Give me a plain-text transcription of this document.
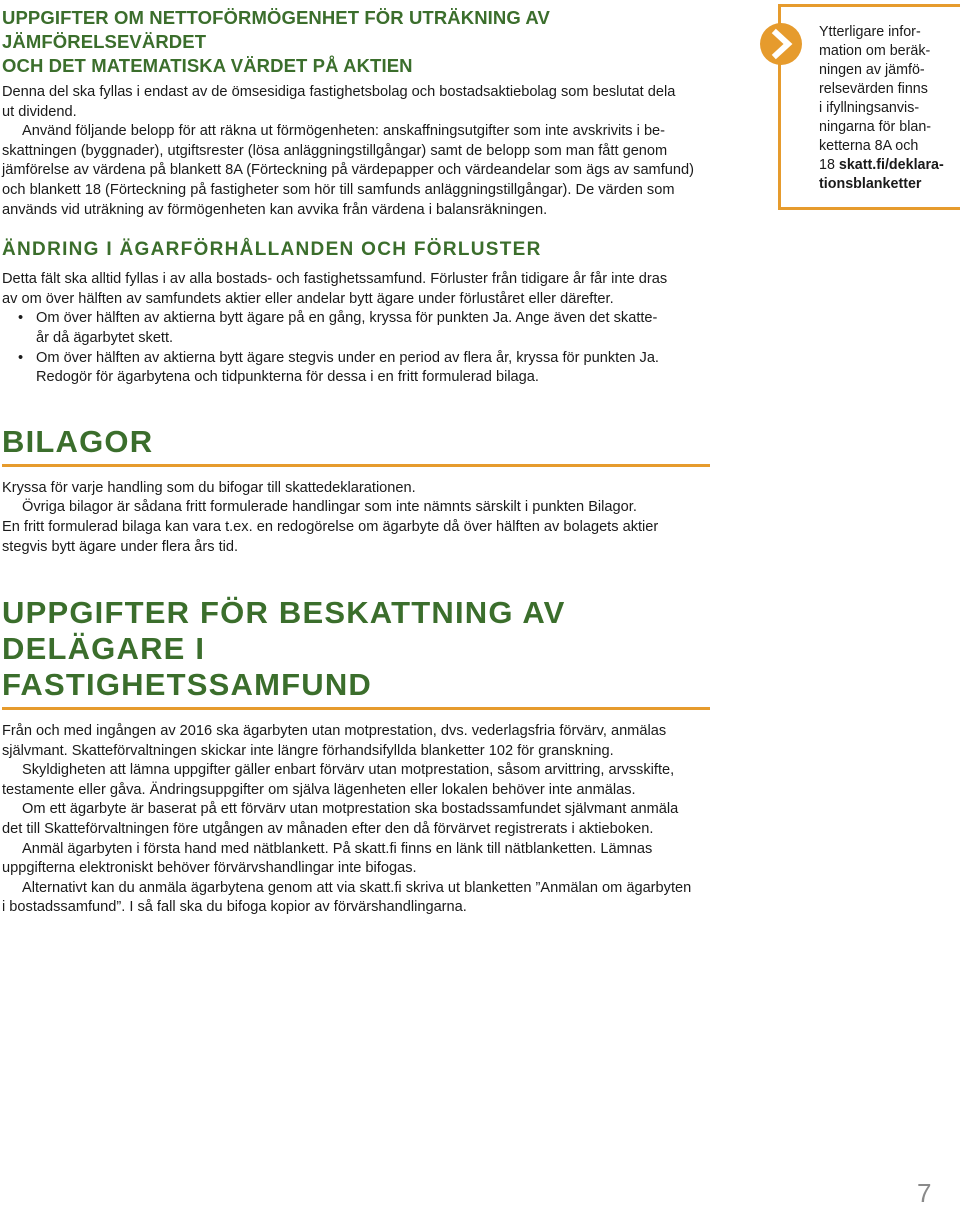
UPPGIFTER OM NETTOFÖRMÖGENHET FÖR UTRÄKNING AV JÄMFÖRELSEVÄRDET
OCH DET MATEMATISKA VÄRDET PÅ AKTIEN

Denna del ska fyllas i endast av de ömsesidiga fastighetsbolag och bostadsaktiebolag som beslutat dela
ut dividend.

Använd följande belopp för att räkna ut förmögenheten: anskaffningsutgifter som inte avskrivits i be-
skattningen (byggnader), utgiftsrester (lösa anläggningstillgångar) samt de belopp som man fått genom
jämförelse av värdena på blankett 8A (Förteckning på värdepapper och värdeandelar som ägs av samfund)
och blankett 18 (Förteckning på fastigheter som hör till samfunds anläggningstillgångar). De värden som
används vid uträkning av förmögenheten kan avvika från värdena i balansräkningen.

ÄNDRING I ÄGARFÖRHÅLLANDEN OCH FÖRLUSTER

Detta fält ska alltid fyllas i av alla bostads- och fastighetssamfund. Förluster från tidigare år får inte dras
av om över hälften av samfundets aktier eller andelar bytt ägare under förluståret eller därefter.

• Om över hälften av aktierna bytt ägare på en gång, kryssa för punkten Ja. Ange även det skatte-
år då ägarbytet skett.
• Om över hälften av aktierna bytt ägare stegvis under en period av flera år, kryssa för punkten Ja.
Redogör för ägarbytena och tidpunkterna för dessa i en fritt formulerad bilaga.
BILAGOR

Kryssa för varje handling som du bifogar till skattedeklarationen.

Övriga bilagor är sådana fritt formulerade handlingar som inte nämnts särskilt i punkten Bilagor.
En fritt formulerad bilaga kan vara t.ex. en redogörelse om ägarbyte då över hälften av bolagets aktier
stegvis bytt ägare under flera års tid.

UPPGIFTER FÖR BESKATTNING AV DELÄGARE I
FASTIGHETSSAMFUND

Från och med ingången av 2016 ska ägarbyten utan motprestation, dvs. vederlagsfria förvärv, anmälas
självmant. Skatteförvaltningen skickar inte längre förhandsifyllda blanketter 102 för granskning.

Skyldigheten att lämna uppgifter gäller enbart förvärv utan motprestation, såsom arvittring, arvsskifte,
testamente eller gåva. Ändringsuppgifter om själva lägenheten eller lokalen behöver inte anmälas.

Om ett ägarbyte är baserat på ett förvärv utan motprestation ska bostadssamfundet självmant anmäla
det till Skatteförvaltningen före utgången av månaden efter den då förvärvet registrerats i aktieboken.

Anmäl ägarbyten i första hand med nätblankett. På skatt.fi finns en länk till nätblanketten. Lämnas
uppgifterna elektroniskt behöver förvärvshandlingar inte bifogas.

Alternativt kan du anmäla ägarbytena genom att via skatt.fi skriva ut blanketten ”Anmälan om ägarbyten
i bostadssamfund”. I så fall ska du bifoga kopior av förvärshandlingarna.

Ytterligare infor-
mation om beräk-
ningen av jämfö-
relsevärden finns
i ifyllningsanvis-
ningarna för blan-
ketterna 8A och
18 skatt.fi/deklara-
tionsblanketter
7
